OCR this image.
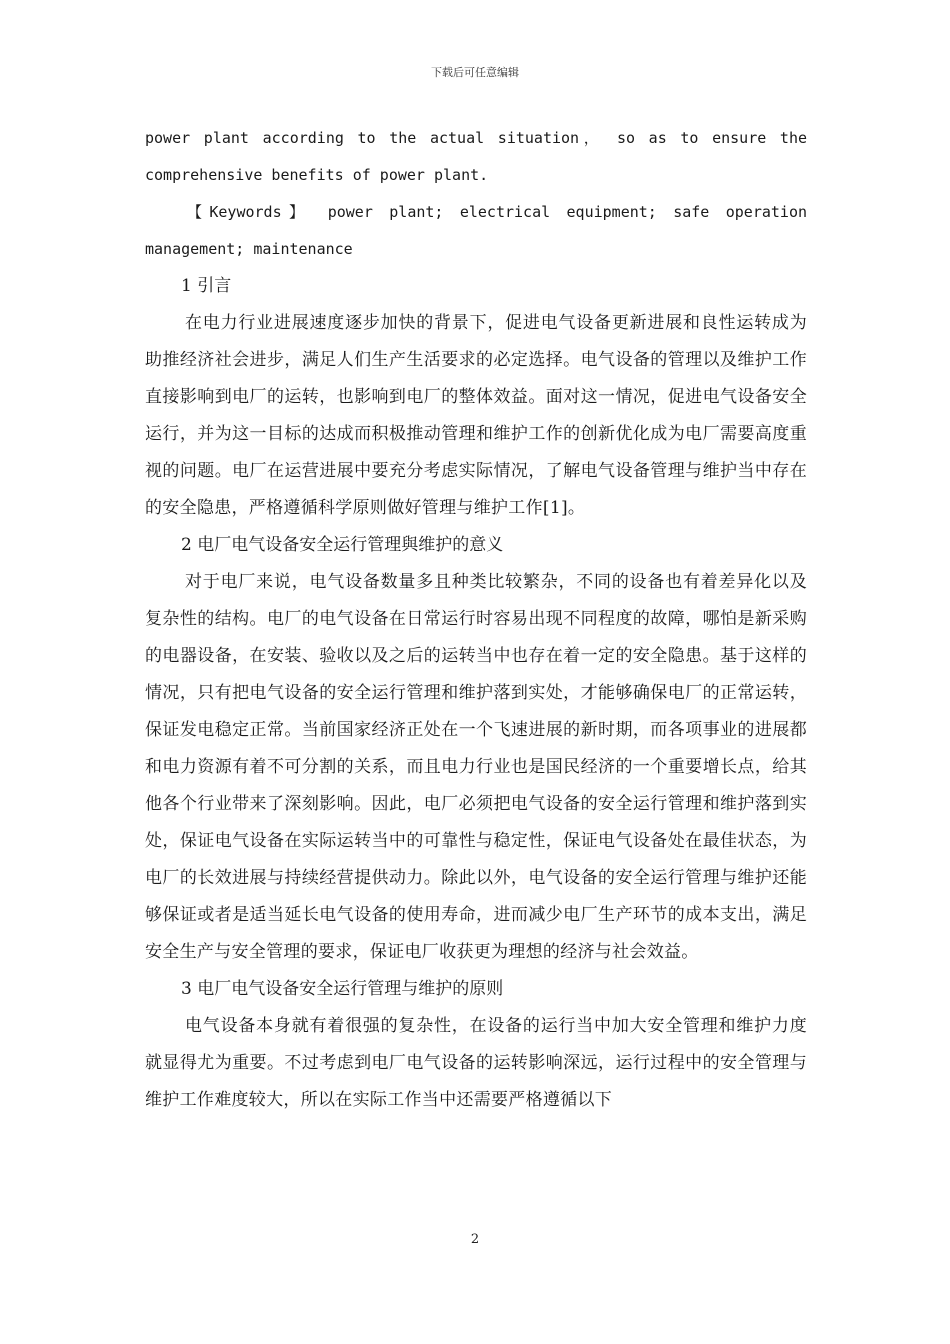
下载后可任意编辑

power plant according to the actual situation， so as to ensure the comprehensive benefits of power plant.

【Keywords】 power plant; electrical equipment; safe operation management; maintenance

1 引言

在电力行业进展速度逐步加快的背景下，促进电气设备更新进展和良性运转成为助推经济社会进步，满足人们生产生活要求的必定选择。电气设备的管理以及维护工作直接影响到电厂的运转，也影响到电厂的整体效益。面对这一情况，促进电气设备安全运行，并为这一目标的达成而积极推动管理和维护工作的创新优化成为电厂需要高度重视的问题。电厂在运营进展中要充分考虑实际情况，了解电气设备管理与维护当中存在的安全隐患，严格遵循科学原则做好管理与维护工作[1]。

2 电厂电气设备安全运行管理與维护的意义

对于电厂来说，电气设备数量多且种类比较繁杂，不同的设备也有着差异化以及复杂性的结构。电厂的电气设备在日常运行时容易出现不同程度的故障，哪怕是新采购的电器设备，在安装、验收以及之后的运转当中也存在着一定的安全隐患。基于这样的情况，只有把电气设备的安全运行管理和维护落到实处，才能够确保电厂的正常运转，保证发电稳定正常。当前国家经济正处在一个飞速进展的新时期，而各项事业的进展都和电力资源有着不可分割的关系，而且电力行业也是国民经济的一个重要增长点，给其他各个行业带来了深刻影响。因此，电厂必须把电气设备的安全运行管理和维护落到实处，保证电气设备在实际运转当中的可靠性与稳定性，保证电气设备处在最佳状态，为电厂的长效进展与持续经营提供动力。除此以外，电气设备的安全运行管理与维护还能够保证或者是适当延长电气设备的使用寿命，进而减少电厂生产环节的成本支出，满足安全生产与安全管理的要求，保证电厂收获更为理想的经济与社会效益。

3 电厂电气设备安全运行管理与维护的原则

电气设备本身就有着很强的复杂性，在设备的运行当中加大安全管理和维护力度就显得尤为重要。不过考虑到电厂电气设备的运转影响深远，运行过程中的安全管理与维护工作难度较大，所以在实际工作当中还需要严格遵循以下

2
